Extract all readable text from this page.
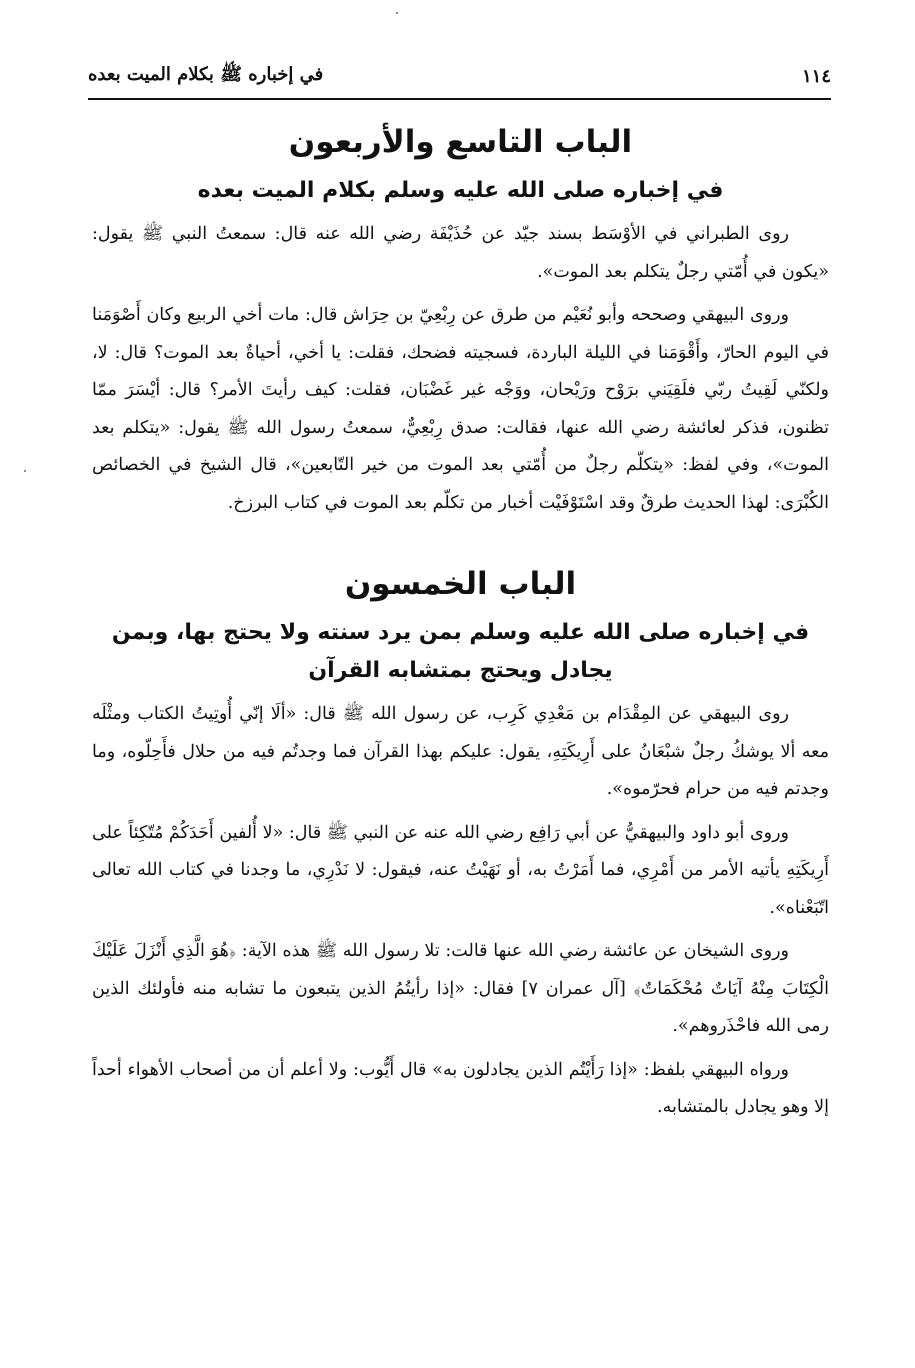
١١٤
في إخباره ﷺ بكلام الميت بعده
الباب التاسع والأربعون
في إخباره صلى الله عليه وسلم بكلام الميت بعده

روى الطبراني في الأوْسَط بسند جيّد عن حُذَيْفَة رضي الله عنه قال: سمعتُ النبي ﷺ يقول: «يكون في أُمّتي رجلٌ يتكلم بعد الموت».

وروى البيهقي وصححه وأبو نُعَيْم من طرق عن رِبْعِيّ بن حِرَاش قال: مات أخي الربيع وكان أَصْوَمَنا في اليوم الحارّ، وأَقْوَمَنا في الليلة الباردة، فسجيته فضحك، فقلت: يا أخي، أحياةٌ بعد الموت؟ قال: لا، ولكنّي لَقِيتُ ربّي فلَقِيَني برَوْح ورَيْحان، ووَجْه غير غَضْبَان، فقلت: كيف رأيتَ الأمر؟ قال: أيْسَرَ ممّا تظنون، فذكر لعائشة رضي الله عنها، فقالت: صدق رِبْعِيٌّ، سمعتُ رسول الله ﷺ يقول: «يتكلم بعد الموت»، وفي لفظ: «يتكلّم رجلٌ من أُمّتي بعد الموت من خير التّابعين»، قال الشيخ في الخصائص الكُبْرَى: لهذا الحديث طرقٌ وقد اسْتَوْفَيْت أخبار من تكلّم بعد الموت في كتاب البرزخ.

الباب الخمسون
في إخباره صلى الله عليه وسلم بمن يرد سنته ولا يحتج بها، وبمن يجادل ويحتج بمتشابه القرآن

روى البيهقي عن المِقْدَام بن مَعْدِي كَرِب، عن رسول الله ﷺ قال: «ألَا إنّي أُوتِيتُ الكتاب ومثْلَه معه ألا يوشكُ رجلٌ شبْعَانُ على أَرِيكَتِهِ، يقول: عليكم بهذا القرآن فما وجدتُم فيه من حلال فأَحِلّوه، وما وجدتم فيه من حرام فحرّموه».

وروى أبو داود والبيهقيُّ عن أبي رَافِع رضي الله عنه عن النبي ﷺ قال: «لا أُلفين أَحَدَكُمْ مُتّكِئاً على أَرِيكَتِهِ يأتيه الأمر من أَمْرِي، فما أَمَرْتُ به، أو نَهَيْتُ عنه، فيقول: لا نَدْرِي، ما وجدنا في كتاب الله تعالى اتّبَعْناه».

وروى الشيخان عن عائشة رضي الله عنها قالت: تلا رسول الله ﷺ هذه الآية: ﴿هُوَ الَّذِي أَنْزَلَ عَلَيْكَ الْكِتَابَ مِنْهُ آيَاتٌ مُحْكَمَاتٌ﴾ [آل عمران ٧] فقال: «إذا رأيتُمُ الذين يتبعون ما تشابه منه فأولئك الذين رمى الله فاحْذَروهم».

ورواه البيهقي بلفظ: «إذا رَأَيْتُم الذين يجادلون به» قال أَيُّوب: ولا أعلم أن من أصحاب الأهواء أحداً إلا وهو يجادل بالمتشابه.
